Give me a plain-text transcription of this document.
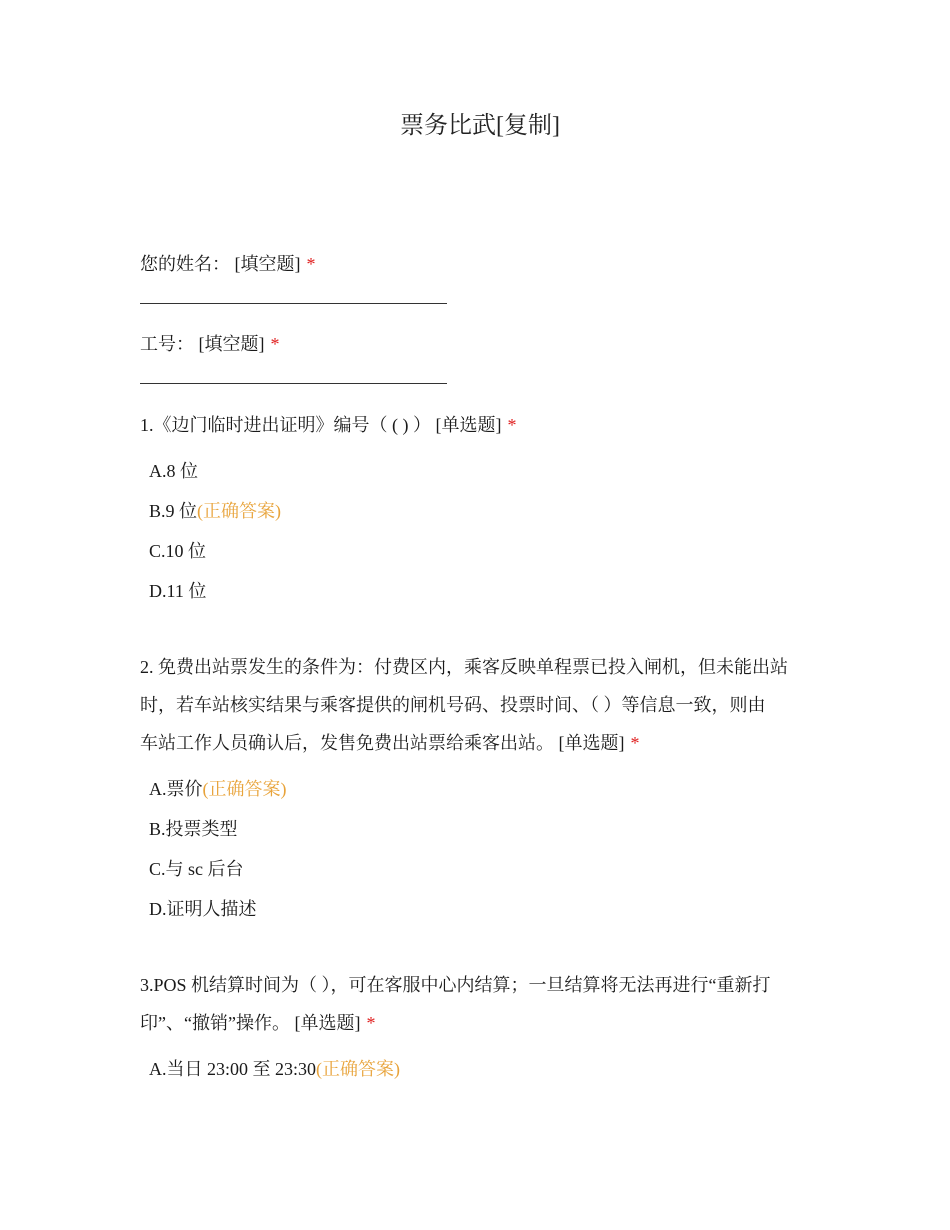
票务比武[复制]
您的姓名： [填空题] *
工号： [填空题] *
1.《边门临时进出证明》编号（ ( ) ） [单选题] *
A.8 位
B.9 位(正确答案)
C.10 位
D.11 位
2. 免费出站票发生的条件为：付费区内，乘客反映单程票已投入闸机，但未能出站
时，若车站核实结果与乘客提供的闸机号码、投票时间、（ ）等信息一致，则由
车站工作人员确认后，发售免费出站票给乘客出站。 [单选题] *
A.票价(正确答案)
B.投票类型
C.与 sc 后台
D.证明人描述
3.POS 机结算时间为（ ），可在客服中心内结算；一旦结算将无法再进行“重新打
印”、“撤销”操作。 [单选题] *
A.当日 23:00 至 23:30(正确答案)
